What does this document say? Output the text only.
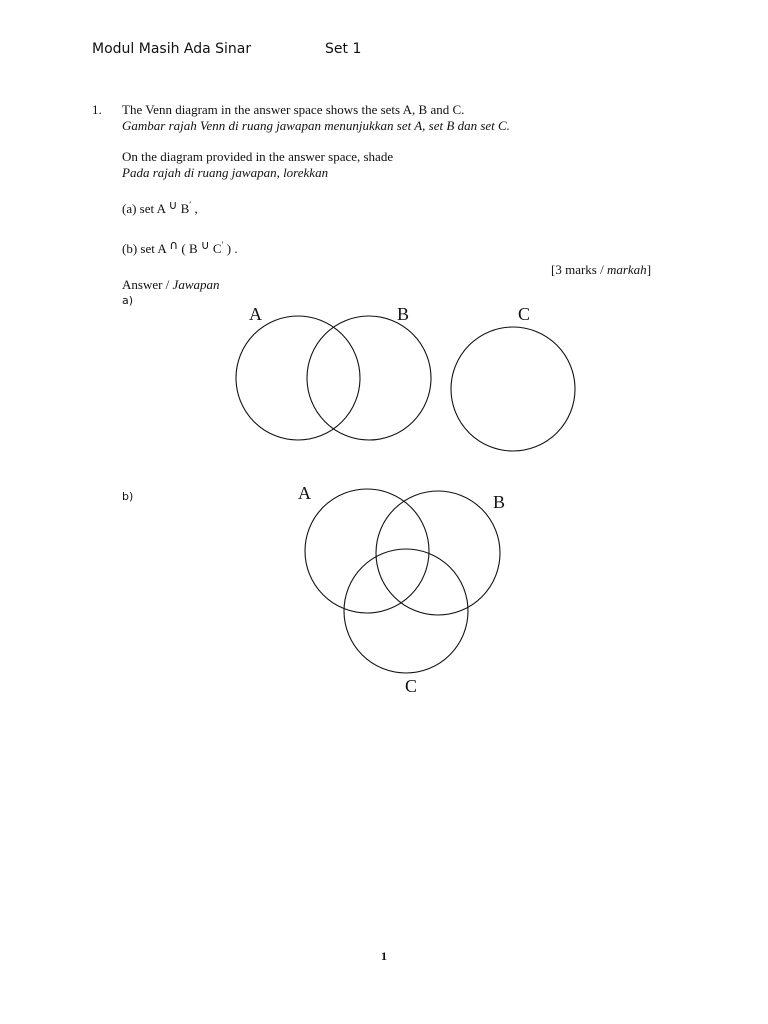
Modul Masih Ada Sinar	Set 1
1. The Venn diagram in the answer space shows the sets A, B and C.
Gambar rajah Venn di ruang jawapan menunjukkan set A, set B dan set C.
On the diagram provided in the answer space, shade
Pada rajah di ruang jawapan, lorekkan
(a) set A ∪ B′ ,
(b) set A ∩ ( B ∪ C′ ) .
[3 marks / markah]
Answer / Jawapan
a)
b)
A	B	C
A	B
C
1
